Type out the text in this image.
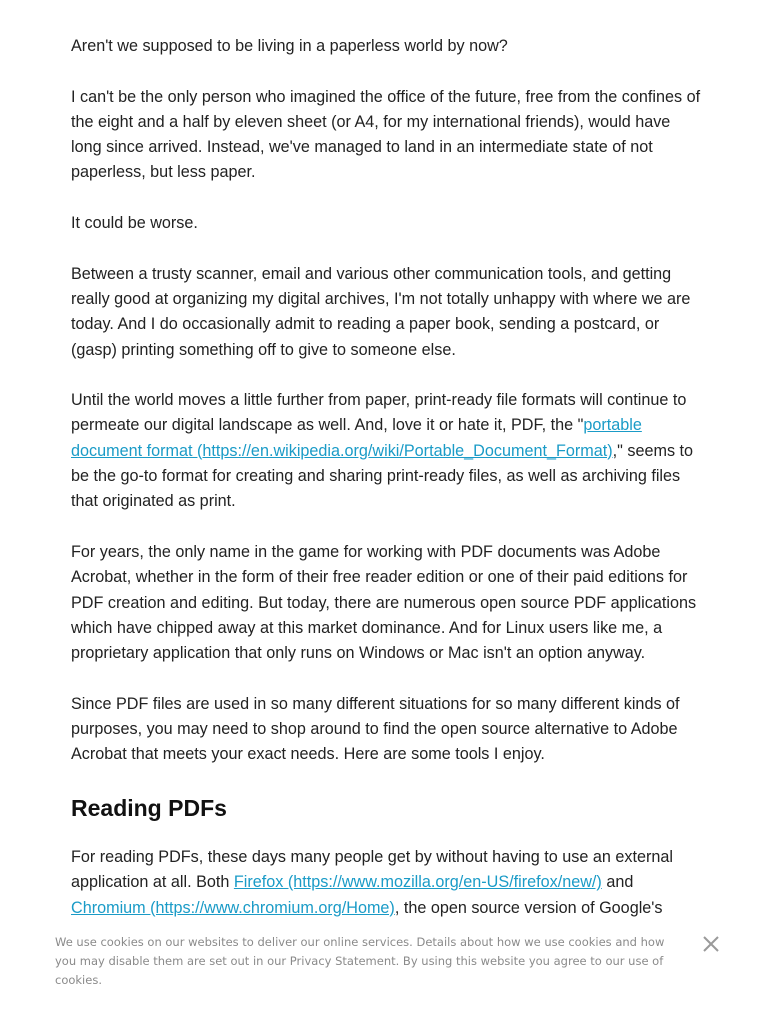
Aren't we supposed to be living in a paperless world by now?

I can't be the only person who imagined the office of the future, free from the confines of the eight and a half by eleven sheet (or A4, for my international friends), would have long since arrived. Instead, we've managed to land in an intermediate state of not paperless, but less paper.

It could be worse.

Between a trusty scanner, email and various other communication tools, and getting really good at organizing my digital archives, I'm not totally unhappy with where we are today. And I do occasionally admit to reading a paper book, sending a postcard, or (gasp) printing something off to give to someone else.

Until the world moves a little further from paper, print-ready file formats will continue to permeate our digital landscape as well. And, love it or hate it, PDF, the "portable document format (https://en.wikipedia.org/wiki/Portable_Document_Format)," seems to be the go-to format for creating and sharing print-ready files, as well as archiving files that originated as print.

For years, the only name in the game for working with PDF documents was Adobe Acrobat, whether in the form of their free reader edition or one of their paid editions for PDF creation and editing. But today, there are numerous open source PDF applications which have chipped away at this market dominance. And for Linux users like me, a proprietary application that only runs on Windows or Mac isn't an option anyway.

Since PDF files are used in so many different situations for so many different kinds of purposes, you may need to shop around to find the open source alternative to Adobe Acrobat that meets your exact needs. Here are some tools I enjoy.

Reading PDFs

For reading PDFs, these days many people get by without having to use an external application at all. Both Firefox (https://www.mozilla.org/en-US/firefox/new/) and Chromium (https://www.chromium.org/Home), the open source version of Google's

We use cookies on our websites to deliver our online services. Details about how we use cookies and how you may disable them are set out in our Privacy Statement. By using this website you agree to our use of cookies.
